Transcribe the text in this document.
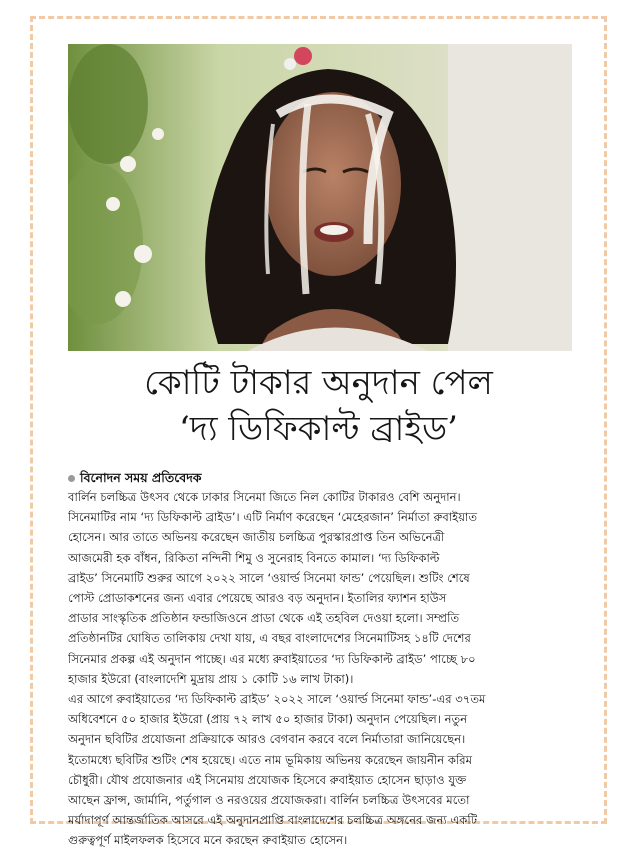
কোটি টাকার অনুদান পেল
‘দ্য ডিফিকাল্ট ব্রাইড’
বিনোদন সময় প্রতিবেদক
বার্লিন চলচ্চিত্র উৎসব থেকে ঢাকার সিনেমা জিতে নিল কোটির টাকারও বেশি অনুদান।
সিনেমাটির নাম ‘দ্য ডিফিকাল্ট ব্রাইড’। এটি নির্মাণ করেছেন ‘মেহেরজান’ নির্মাতা রুবাইয়াত
হোসেন। আর তাতে অভিনয় করেছেন জাতীয় চলচ্চিত্র পুরস্কারপ্রাপ্ত তিন অভিনেত্রী
আজমেরী হক বাঁধন, রিকিতা নন্দিনী শিমু ও সুনেরাহ বিনতে কামাল। ‘দ্য ডিফিকাল্ট
ব্রাইড’ সিনেমাটি শুরুর আগে ২০২২ সালে ‘ওয়ার্ল্ড সিনেমা ফান্ড’ পেয়েছিল। শুটিং শেষে
পোস্ট প্রোডাকশনের জন্য এবার পেয়েছে আরও বড় অনুদান। ইতালির ফ্যাশন হাউস
প্রাডার সাংস্কৃতিক প্রতিষ্ঠান ফন্ডাজিওনে প্রাডা থেকে এই তহবিল দেওয়া হলো। সম্প্রতি
প্রতিষ্ঠানটির ঘোষিত তালিকায় দেখা যায়, এ বছর বাংলাদেশের সিনেমাটিসহ ১৪টি দেশের
সিনেমার প্রকল্প এই অনুদান পাচ্ছে। এর মধ্যে রুবাইয়াতের ‘দ্য ডিফিকাল্ট ব্রাইড’ পাচ্ছে ৮০
হাজার ইউরো (বাংলাদেশি মুদ্রায় প্রায় ১ কোটি ১৬ লাখ টাকা)।
এর আগে রুবাইয়াতের ‘দ্য ডিফিকাল্ট ব্রাইড’ ২০২২ সালে ‘ওয়ার্ল্ড সিনেমা ফান্ড’-এর ৩৭তম
অধিবেশনে ৫০ হাজার ইউরো (প্রায় ৭২ লাখ ৫০ হাজার টাকা) অনুদান পেয়েছিল। নতুন
অনুদান ছবিটির প্রযোজনা প্রক্রিয়াকে আরও বেগবান করবে বলে নির্মাতারা জানিয়েছেন।
ইতোমধ্যে ছবিটির শুটিং শেষ হয়েছে। এতে নাম ভূমিকায় অভিনয় করেছেন জায়নীন করিম
চৌধুরী। যৌথ প্রযোজনার এই সিনেমায় প্রযোজক হিসেবে রুবাইয়াত হোসেন ছাড়াও যুক্ত
আছেন ফ্রান্স, জার্মানি, পর্তুগাল ও নরওয়ের প্রযোজকরা। বার্লিন চলচ্চিত্র উৎসবের মতো
মর্যাদাপূর্ণ আন্তর্জাতিক আসরে এই অনুদানপ্রাপ্তি বাংলাদেশের চলচ্চিত্র অঙ্গনের জন্য একটি
গুরুত্বপূর্ণ মাইলফলক হিসেবে মনে করছেন রুবাইয়াত হোসেন।
